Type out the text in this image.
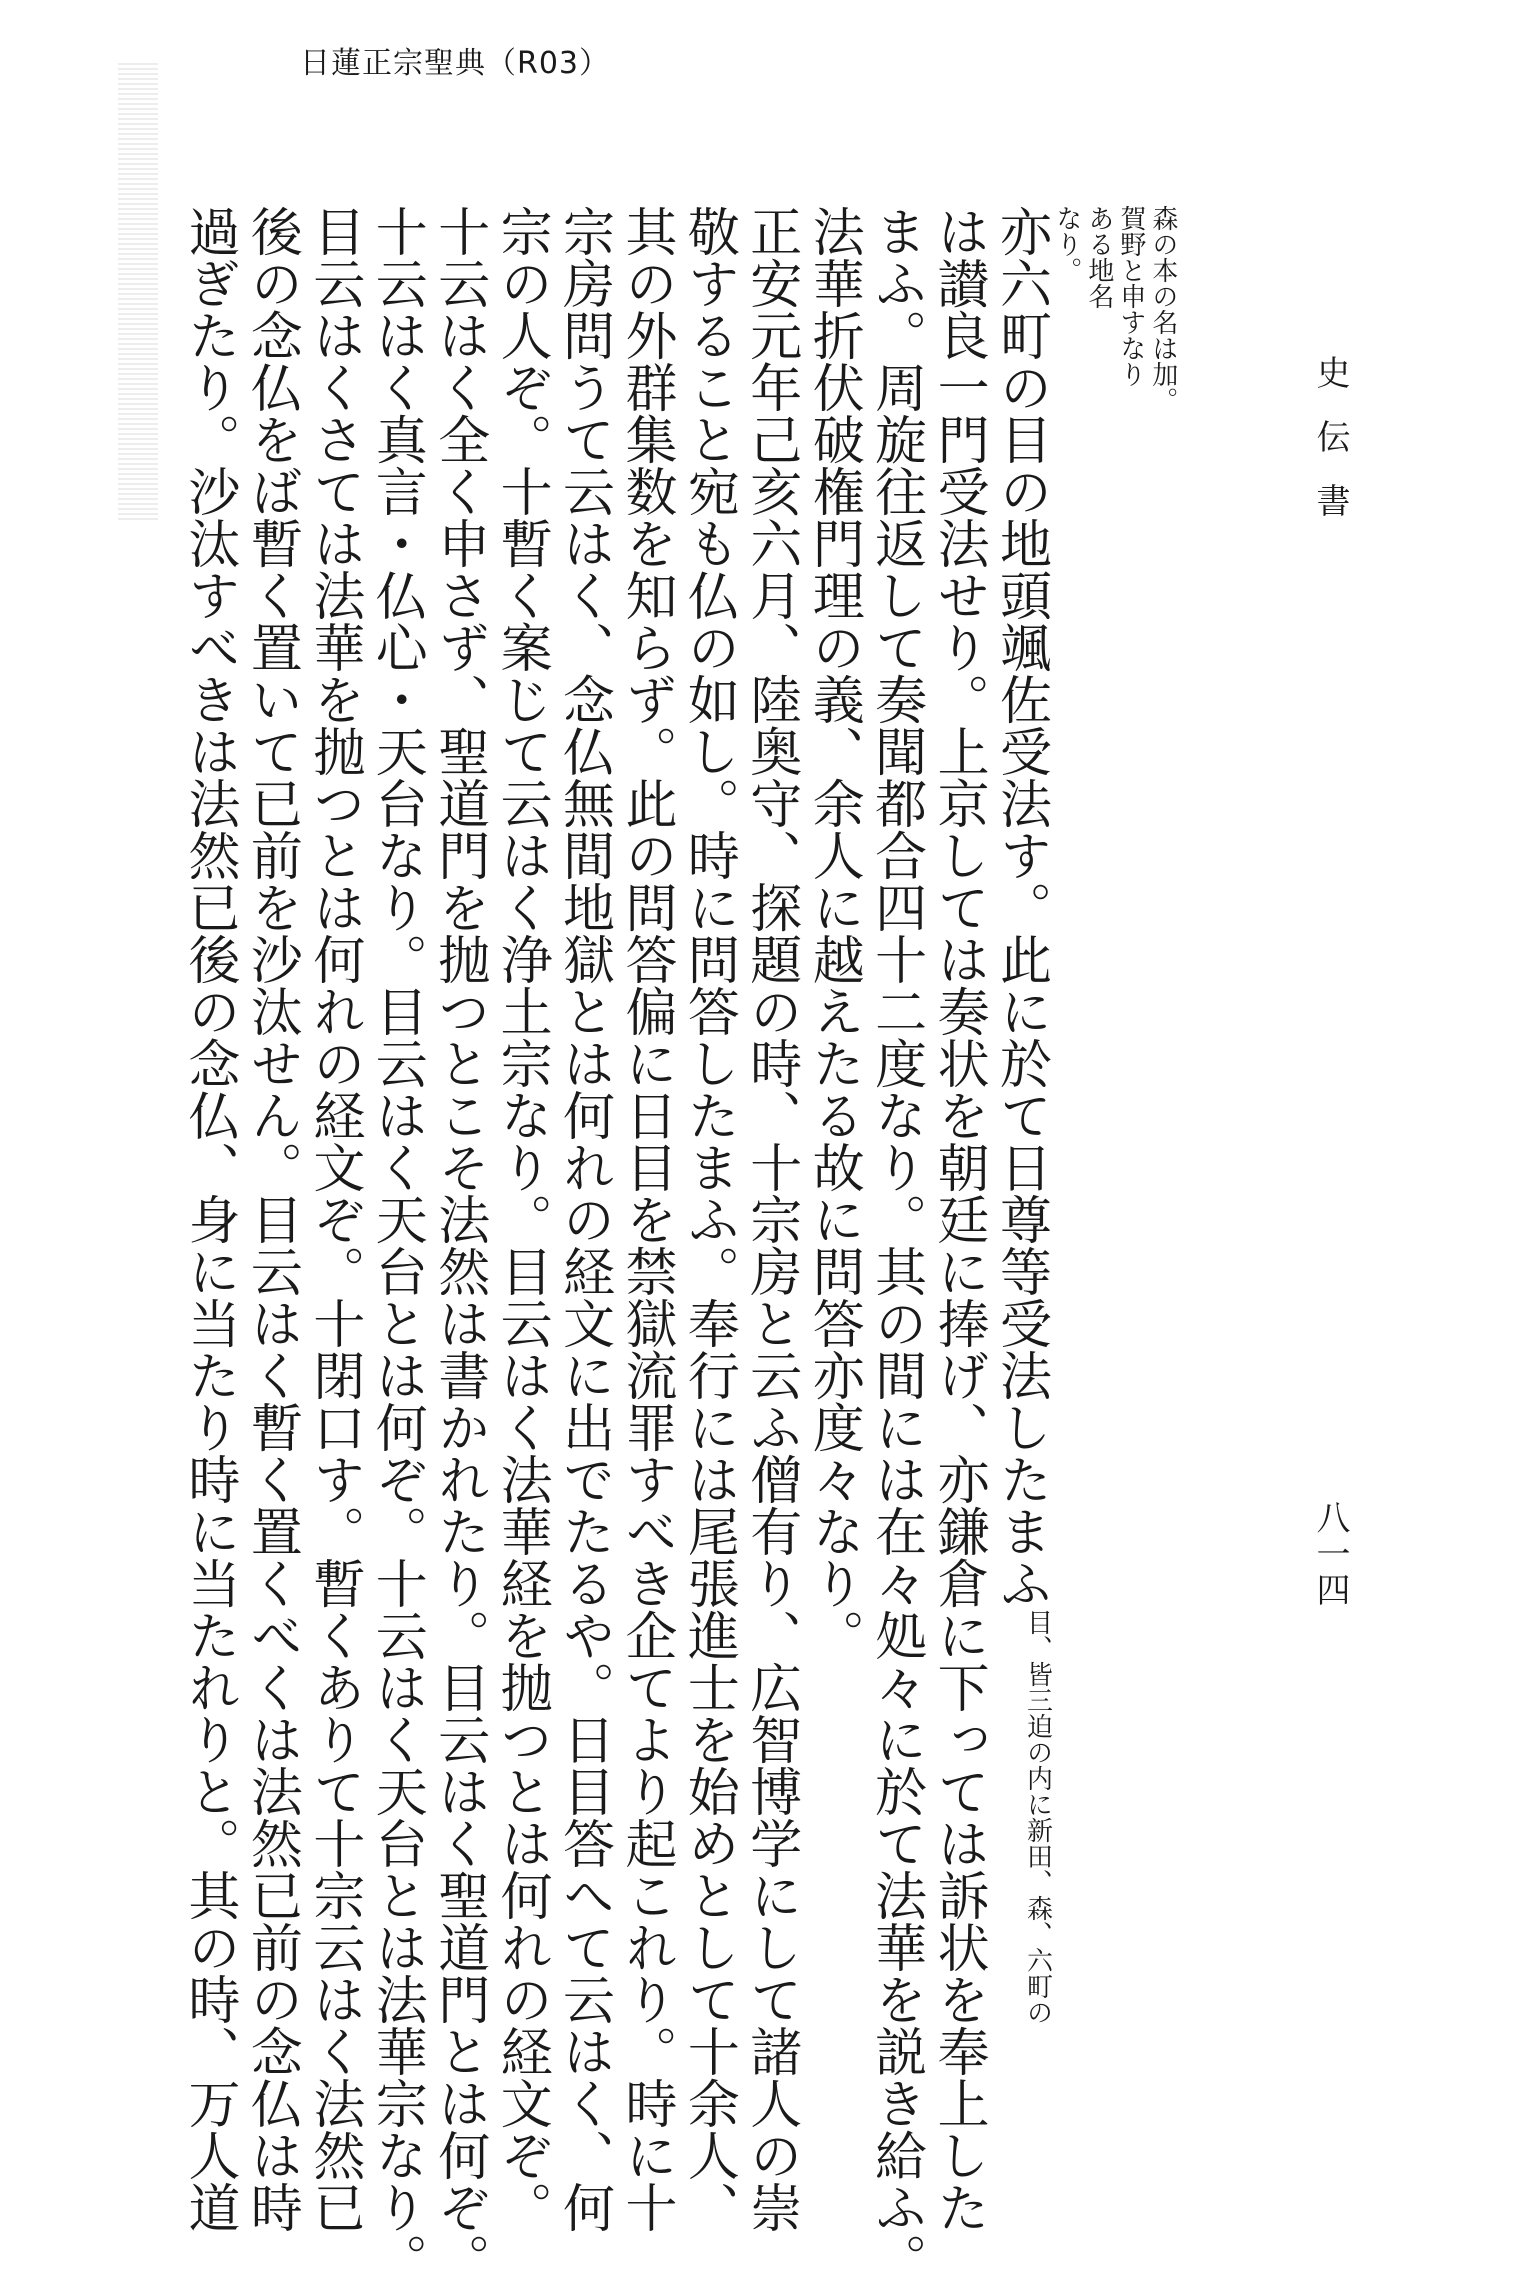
日蓮正宗聖典（R03）
史伝書
八一四
森の本の名は加。
賀野と申すなり
ある地名
なり。
亦六町の目の地頭颯佐受法す。此に於て日尊等受法したまふ
新田、森、六町の
目、皆三迫の内に
は讃良一門受法せり。上京しては奏状を朝廷に捧げ、亦鎌倉に下っては訴状を奉上した
まふ。周旋往返して奏聞都合四十二度なり。其の間には在々処々に於て法華を説き給ふ。
法華折伏破権門理の義、余人に越えたる故に問答亦度々なり。
正安元年己亥六月、陸奥守、探題の時、十宗房と云ふ僧有り、広智博学にして諸人の崇
敬すること宛も仏の如し。時に問答したまふ。奉行には尾張進士を始めとして十余人、
其の外群集数を知らず。此の問答偏に日目を禁獄流罪すべき企てより起これり。時に十
宗房問うて云はく、念仏無間地獄とは何れの経文に出でたるや。日目答へて云はく、何
宗の人ぞ。十暫く案じて云はく浄土宗なり。目云はく法華経を抛つとは何れの経文ぞ。
十云はく全く申さず、聖道門を抛つとこそ法然は書かれたり。目云はく聖道門とは何ぞ。
十云はく真言・仏心・天台なり。目云はく天台とは何ぞ。十云はく天台とは法華宗なり。
目云はくさては法華を抛つとは何れの経文ぞ。十閉口す。暫くありて十宗云はく法然已
後の念仏をば暫く置いて已前を沙汰せん。目云はく暫く置くべくは法然已前の念仏は時
過ぎたり。沙汰すべきは法然已後の念仏、身に当たり時に当たれりと。其の時、万人道
